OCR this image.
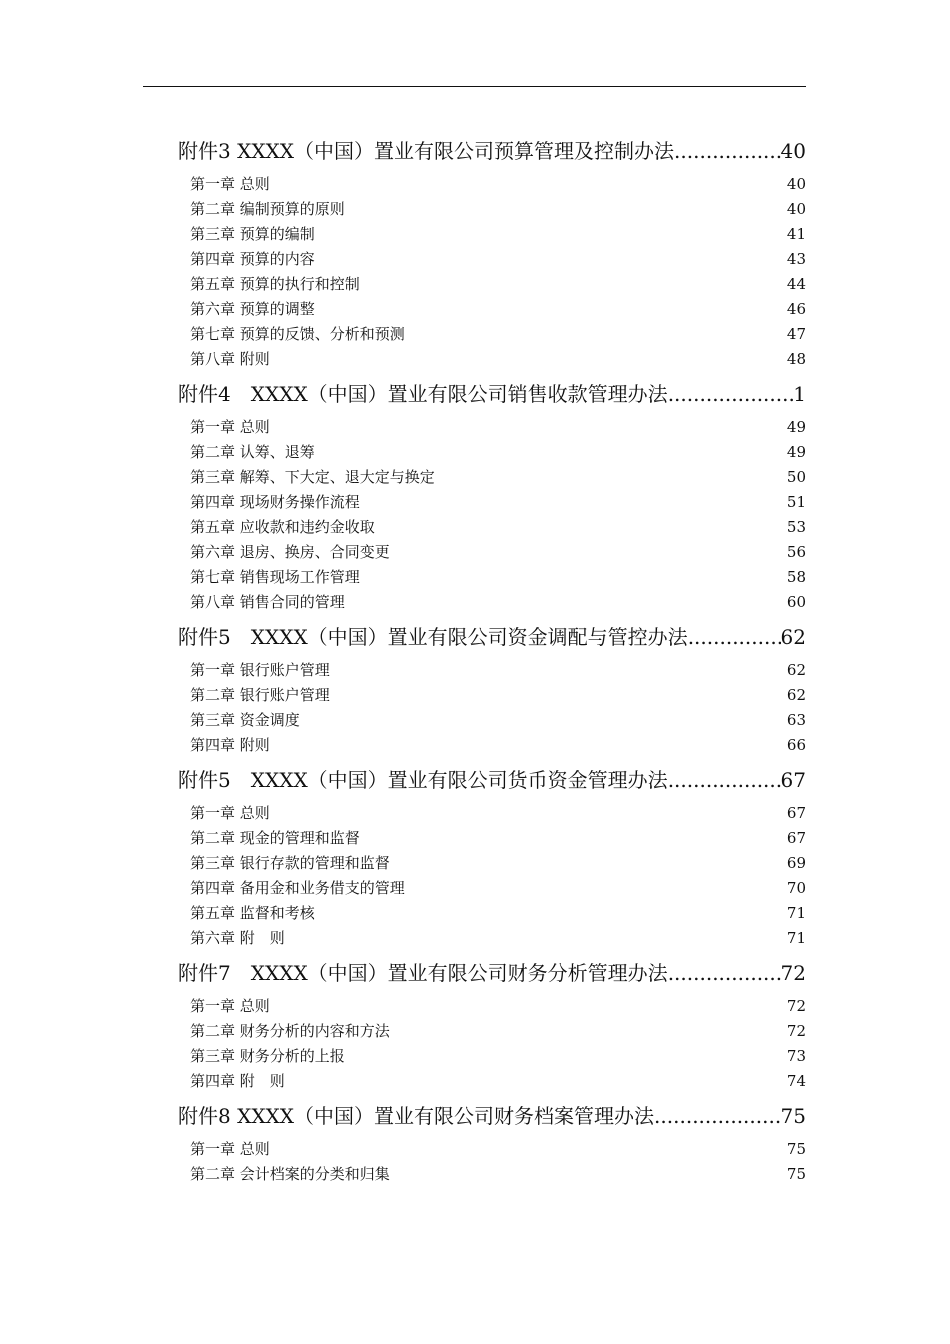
附件3 XXXX（中国）置业有限公司预算管理及控制办法 .....	40
第一章 总则	40
第二章 编制预算的原则	40
第三章 预算的编制	41
第四章 预算的内容	43
第五章 预算的执行和控制	44
第六章 预算的调整	46
第七章 预算的反馈、分析和预测	47
第八章 附则	48
附件4　XXXX（中国）置业有限公司销售收款管理办法 .....	1
第一章 总则	49
第二章 认筹、退筹	49
第三章 解筹、下大定、退大定与换定	50
第四章 现场财务操作流程	51
第五章 应收款和违约金收取	53
第六章 退房、换房、合同变更	56
第七章 销售现场工作管理	58
第八章 销售合同的管理	60
附件5　XXXX（中国）置业有限公司资金调配与管控办法 .....	62
第一章 银行账户管理	62
第二章 银行账户管理	62
第三章 资金调度	63
第四章 附则	66
附件5　XXXX（中国）置业有限公司货币资金管理办法 .....	67
第一章 总则	67
第二章 现金的管理和监督	67
第三章 银行存款的管理和监督	69
第四章 备用金和业务借支的管理	70
第五章 监督和考核	71
第六章 附　则	71
附件7　XXXX（中国）置业有限公司财务分析管理办法 .....	72
第一章 总则	72
第二章 财务分析的内容和方法	72
第三章 财务分析的上报	73
第四章 附　则	74
附件8 XXXX（中国）置业有限公司财务档案管理办法 .....	75
第一章 总则	75
第二章 会计档案的分类和归集	75
